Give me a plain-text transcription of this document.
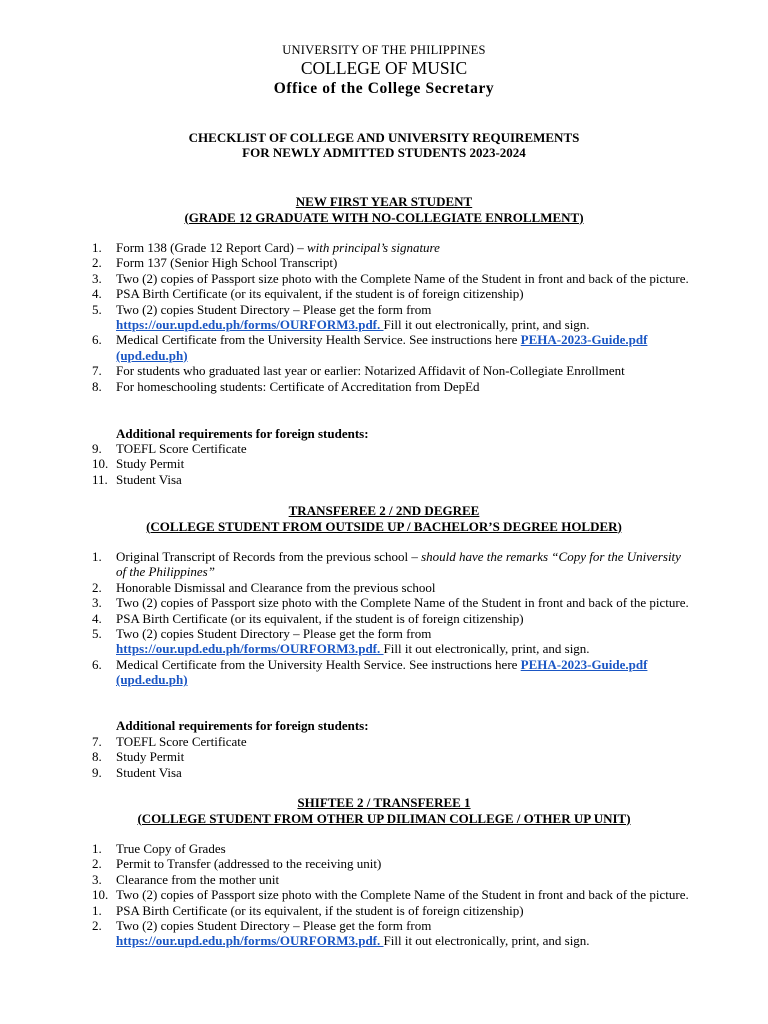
UNIVERSITY OF THE PHILIPPINES
COLLEGE OF MUSIC
Office of the College Secretary
CHECKLIST OF COLLEGE AND UNIVERSITY REQUIREMENTS
FOR NEWLY ADMITTED STUDENTS 2023-2024
NEW FIRST YEAR STUDENT
(GRADE 12 GRADUATE WITH NO-COLLEGIATE ENROLLMENT)
1.	Form 138 (Grade 12 Report Card) – with principal’s signature
2.	Form 137 (Senior High School Transcript)
3.	Two (2) copies of Passport size photo with the Complete Name of the Student in front and back of the picture.
4.	PSA Birth Certificate (or its equivalent, if the student is of foreign citizenship)
5.	Two (2) copies Student Directory – Please get the form from
https://our.upd.edu.ph/forms/OURFORM3.pdf. Fill it out electronically, print, and sign.
6.	Medical Certificate from the University Health Service. See instructions here PEHA-2023-Guide.pdf (upd.edu.ph)
7.	For students who graduated last year or earlier: Notarized Affidavit of Non-Collegiate Enrollment
8.	For homeschooling students: Certificate of Accreditation from DepEd
Additional requirements for foreign students:
9.	TOEFL Score Certificate
10. Study Permit
11. Student Visa
TRANSFEREE 2 / 2ND DEGREE
(COLLEGE STUDENT FROM OUTSIDE UP / BACHELOR’S DEGREE HOLDER)
1.	Original Transcript of Records from the previous school – should have the remarks “Copy for the University of the Philippines”
2.	Honorable Dismissal and Clearance from the previous school
3.	Two (2) copies of Passport size photo with the Complete Name of the Student in front and back of the picture.
4.	PSA Birth Certificate (or its equivalent, if the student is of foreign citizenship)
5.	Two (2) copies Student Directory – Please get the form from
https://our.upd.edu.ph/forms/OURFORM3.pdf. Fill it out electronically, print, and sign.
6.	Medical Certificate from the University Health Service. See instructions here PEHA-2023-Guide.pdf (upd.edu.ph)
Additional requirements for foreign students:
7.	TOEFL Score Certificate
8.	Study Permit
9.	Student Visa
SHIFTEE 2 / TRANSFEREE 1
(COLLEGE STUDENT FROM OTHER UP DILIMAN COLLEGE / OTHER UP UNIT)
1.	True Copy of Grades
2.	Permit to Transfer (addressed to the receiving unit)
3.	Clearance from the mother unit
10. Two (2) copies of Passport size photo with the Complete Name of the Student in front and back of the picture.
1.	PSA Birth Certificate (or its equivalent, if the student is of foreign citizenship)
2.	Two (2) copies Student Directory – Please get the form from
https://our.upd.edu.ph/forms/OURFORM3.pdf. Fill it out electronically, print, and sign.
